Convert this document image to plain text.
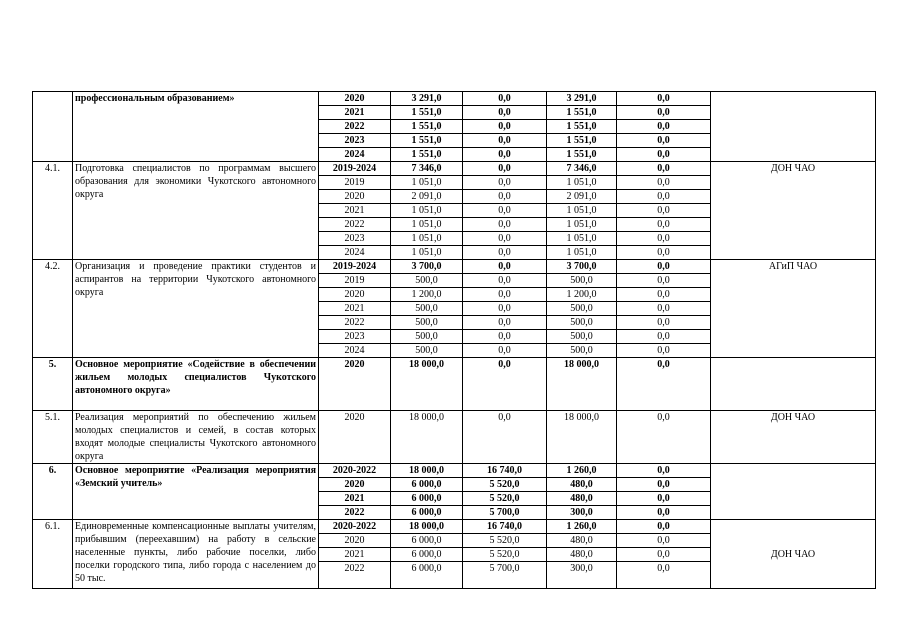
	профессиональным образованием»	2020	3 291,0	0,0	3 291,0	0,0	
		2021	1 551,0	0,0	1 551,0	0,0	
		2022	1 551,0	0,0	1 551,0	0,0	
		2023	1 551,0	0,0	1 551,0	0,0	
		2024	1 551,0	0,0	1 551,0	0,0	
4.1.	Подготовка специалистов по программам высшего образования для экономики Чукотского автономного округа	2019-2024	7 346,0	0,0	7 346,0	0,0	ДОН ЧАО
		2019	1 051,0	0,0	1 051,0	0,0	
		2020	2 091,0	0,0	2 091,0	0,0	
		2021	1 051,0	0,0	1 051,0	0,0	
		2022	1 051,0	0,0	1 051,0	0,0	
		2023	1 051,0	0,0	1 051,0	0,0	
		2024	1 051,0	0,0	1 051,0	0,0	
4.2.	Организация и проведение практики студентов и аспирантов на территории Чукотского автономного округа	2019-2024	3 700,0	0,0	3 700,0	0,0	АГиП ЧАО
		2019	500,0	0,0	500,0	0,0	
		2020	1 200,0	0,0	1 200,0	0,0	
		2021	500,0	0,0	500,0	0,0	
		2022	500,0	0,0	500,0	0,0	
		2023	500,0	0,0	500,0	0,0	
		2024	500,0	0,0	500,0	0,0	
5.	Основное мероприятие «Содействие в обеспечении жильем молодых специалистов Чукотского автономного округа»	2020	18 000,0	0,0	18 000,0	0,0	
5.1.	Реализация мероприятий по обеспечению жильем молодых специалистов и семей, в состав которых входят молодые специалисты Чукотского автономного округа	2020	18 000,0	0,0	18 000,0	0,0	ДОН ЧАО
6.	Основное мероприятие «Реализация мероприятия «Земский учитель»	2020-2022	18 000,0	16 740,0	1 260,0	0,0	
		2020	6 000,0	5 520,0	480,0	0,0	
		2021	6 000,0	5 520,0	480,0	0,0	
		2022	6 000,0	5 700,0	300,0	0,0	
6.1.	Единовременные компенсационные выплаты учителям, прибывшим (переехавшим) на работу в сельские населенные пункты, либо рабочие поселки, либо поселки городского типа, либо города с населением до 50 тыс.	2020-2022	18 000,0	16 740,0	1 260,0	0,0	ДОН ЧАО
		2020	6 000,0	5 520,0	480,0	0,0	
		2021	6 000,0	5 520,0	480,0	0,0	
		2022	6 000,0	5 700,0	300,0	0,0	
